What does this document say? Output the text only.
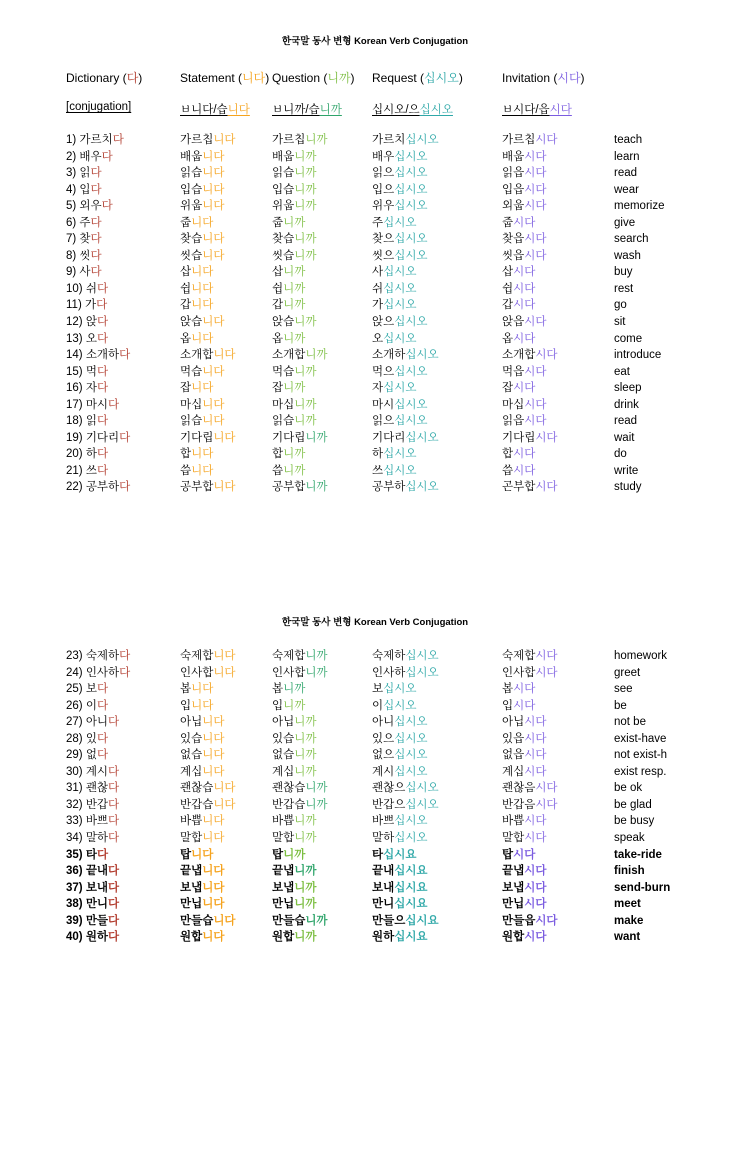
한국말 동사 변형 Korean Verb Conjugation
Dictionary (다)	Statement (니다) Question (니까)	Request (십시오)	Invitation (시다)
[conjugation]	ㅂ니다/습니다	ㅂ니까/습니까	십시오/으십시오	ㅂ시다/읍시다
1) 가르치다	가르칩니다	가르칩니까	가르치십시오	가르칩시다	teach
2) 배우다	배웁니다	배웁니까	배우십시오	배웁시다	learn
3) 읽다	읽습니다	읽습니까	읽으십시오	읽읍시다	read
4) 입다	입습니다	입습니까	입으십시오	입읍시다	wear
5) 외우다	위웁니다	위웁니까	위우십시오	외웁시다	memorize
6) 주다	줍니다	줍니까	주십시오	줍시다	give
7) 찾다	찾습니다	찾습니까	찾으십시오	찾읍시다	search
8) 씻다	씻습니다	씻습니까	씻으십시오	씻읍시다	wash
9) 사다	삽니다	삽니까	사십시오	삽시다	buy
10) 쉬다	쉽니다	쉽니까	쉬십시오	쉽시다	rest
11) 가다	갑니다	갑니까	가십시오	갑시다	go
12) 앉다	앉습니다	앉습니까	앉으십시오	앉읍시다	sit
13) 오다	옵니다	옵니까	오십시오	옵시다	come
14) 소개하다	소개합니다	소개합니까	소개하십시오	소개합시다	introduce
15) 먹다	먹습니다	먹습니까	먹으십시오	먹읍시다	eat
16) 자다	잡니다	잡니까	자십시오	잡시다	sleep
17) 마시다	마십니다	마십니까	마시십시오	마십시다	drink
18) 읽다	읽습니다	읽습니까	읽으십시오	읽읍시다	read
19) 기다리다	기다립니다	기다립니까	기다리십시오	기다립시다	wait
20) 하다	합니다	합니까	하십시오	합시다	do
21) 쓰다	씁니다	씁니까	쓰십시오	씁시다	write
22) 공부하다	공부합니다	공부합니까	공부하십시오	곤부합시다	study
한국말 동사 변형 Korean Verb Conjugation
23) 숙제하다	숙제합니다	숙제합니까	숙제하십시오	숙제합시다	homework
24) 인사하다	인사합니다	인사합니까	인사하십시오	인사합시다	greet
25) 보다	봅니다	봅니까	보십시오	봅시다	see
26) 이다	입니다	입니까	이십시오	입시다	be
27) 아니다	아닙니다	아닙니까	아니십시오	아닙시다	not be
28) 있다	있습니다	있습니까	있으십시오	있읍시다	exist-have
29) 없다	없습니다	없습니까	없으십시오	없읍시다	not exist-h
30) 계시다	계십니다	계십니까	계시십시오	계십시다	exist resp.
31) 괜찮다	괜찮습니다	괜찮습니까	괜찮으십시오	괜찮음시다	be ok
32) 반갑다	반갑습니다	반갑습니까	반갑으십시오	반갑음시다	be glad
33) 바쁘다	바쁩니다	바쁩니까	바쁘십시오	바쁩시다	be busy
34) 말하다	말합니다	말합니까	말하십시오	말합시다	speak
35) 타다	탑니다	탑니까	타십시요	탑시다	take-ride
36) 끝내다	끝냅니다	끝냅니까	끝내십시요	끝냅시다	finish
37) 보내다	보냅니다	보냅니까	보내십시요	보냅시다	send-burn
38) 만니다	만닙니다	만닙니까	만니십시요	만닙시다	meet
39) 만들다	만들습니다	만들습니까	만들으십시요	만들읍시다	make
40) 원하다	원합니다	원합니까	원하십시요	원합시다	want
